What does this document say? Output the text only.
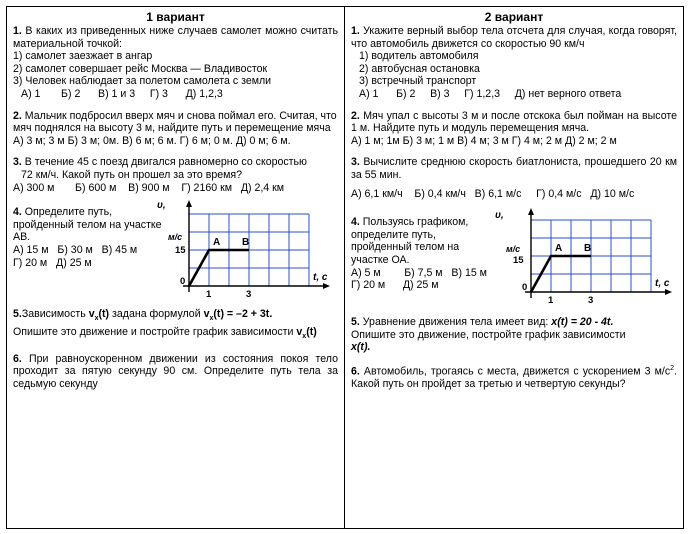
1 вариант

1. В каких из приведенных ниже случаев самолет можно считать материальной точкой:

1) самолет заезжает в ангар

2) самолет совершает рейс Москва — Владивосток

3) Человек наблюдает за полетом самолета с земли

А) 1       Б) 2      В) 1 и 3     Г) 3      Д) 1,2,3

2. Мальчик подбросил вверх мяч и снова поймал его. Считая, что мяч поднялся на высоту 3 м, найдите путь и перемещение мяча

А) 3 м; 3 м Б) 3 м; 0м. В) 6 м; 6 м. Г) 6 м; 0 м. Д) 0 м; 6 м.

3. В течение 45 с поезд двигался равномерно со скоростью

72 км/ч. Какой путь он прошел за это время?

А) 300 м       Б) 600 м    В) 900 м    Г) 2160 км   Д) 2,4 км

4. Определите путь, пройденный телом на участке АВ.

А) 15 м   Б) 30 м   В) 45 м

Г) 20 м   Д) 25 м

υ,
м/с
15
0
1	3
t, с
A B

5.Зависимость $v_x(t)$ задана формулой $v_x(t) = -2 + 3t$.

Опишите это движение и постройте график зависимости $v_x(t)$

6. При равноускоренном движении из состояния покоя тело проходит за пятую секунду 90 см. Определите путь тела за седьмую секунду

2 вариант

1. Укажите верный выбор тела отсчета для случая, когда говорят, что автомобиль движется со скоростью 90 км/ч

1) водитель автомобиля

2) автобусная остановка

3) встречный транспорт

А) 1      Б) 2     В) 3     Г) 1,2,3     Д) нет верного ответа

2. Мяч упал с высоты 3 м и после отскока был пойман на высоте 1 м. Найдите путь и модуль перемещения мяча.

А) 1 м; 1м Б) 3 м; 1 м В) 4 м; 3 м Г) 4 м; 2 м Д) 2 м; 2 м

3. Вычислите среднюю скорость биатлониста, прошедшего 20 км за 55 мин.

А) 6,1 км/ч    Б) 0,4 км/ч   В) 6,1 м/с     Г) 0,4 м/с   Д) 10 м/с

4. Пользуясь графиком, определите путь, пройденный телом на участке ОА.

А) 5 м        Б) 7,5 м   В) 15 м

Г) 20 м      Д) 25 м

υ,
м/с
15
0
1	3
t, с
A B

5. Уравнение движения тела имеет вид: x(t) = 20 - 4t.

Опишите это движение, постройте график зависимости

x(t).

6. Автомобиль, трогаясь с места, движется с ускорением 3 $м/с^2$. Какой путь он пройдет за третью и четвертую секунды?
